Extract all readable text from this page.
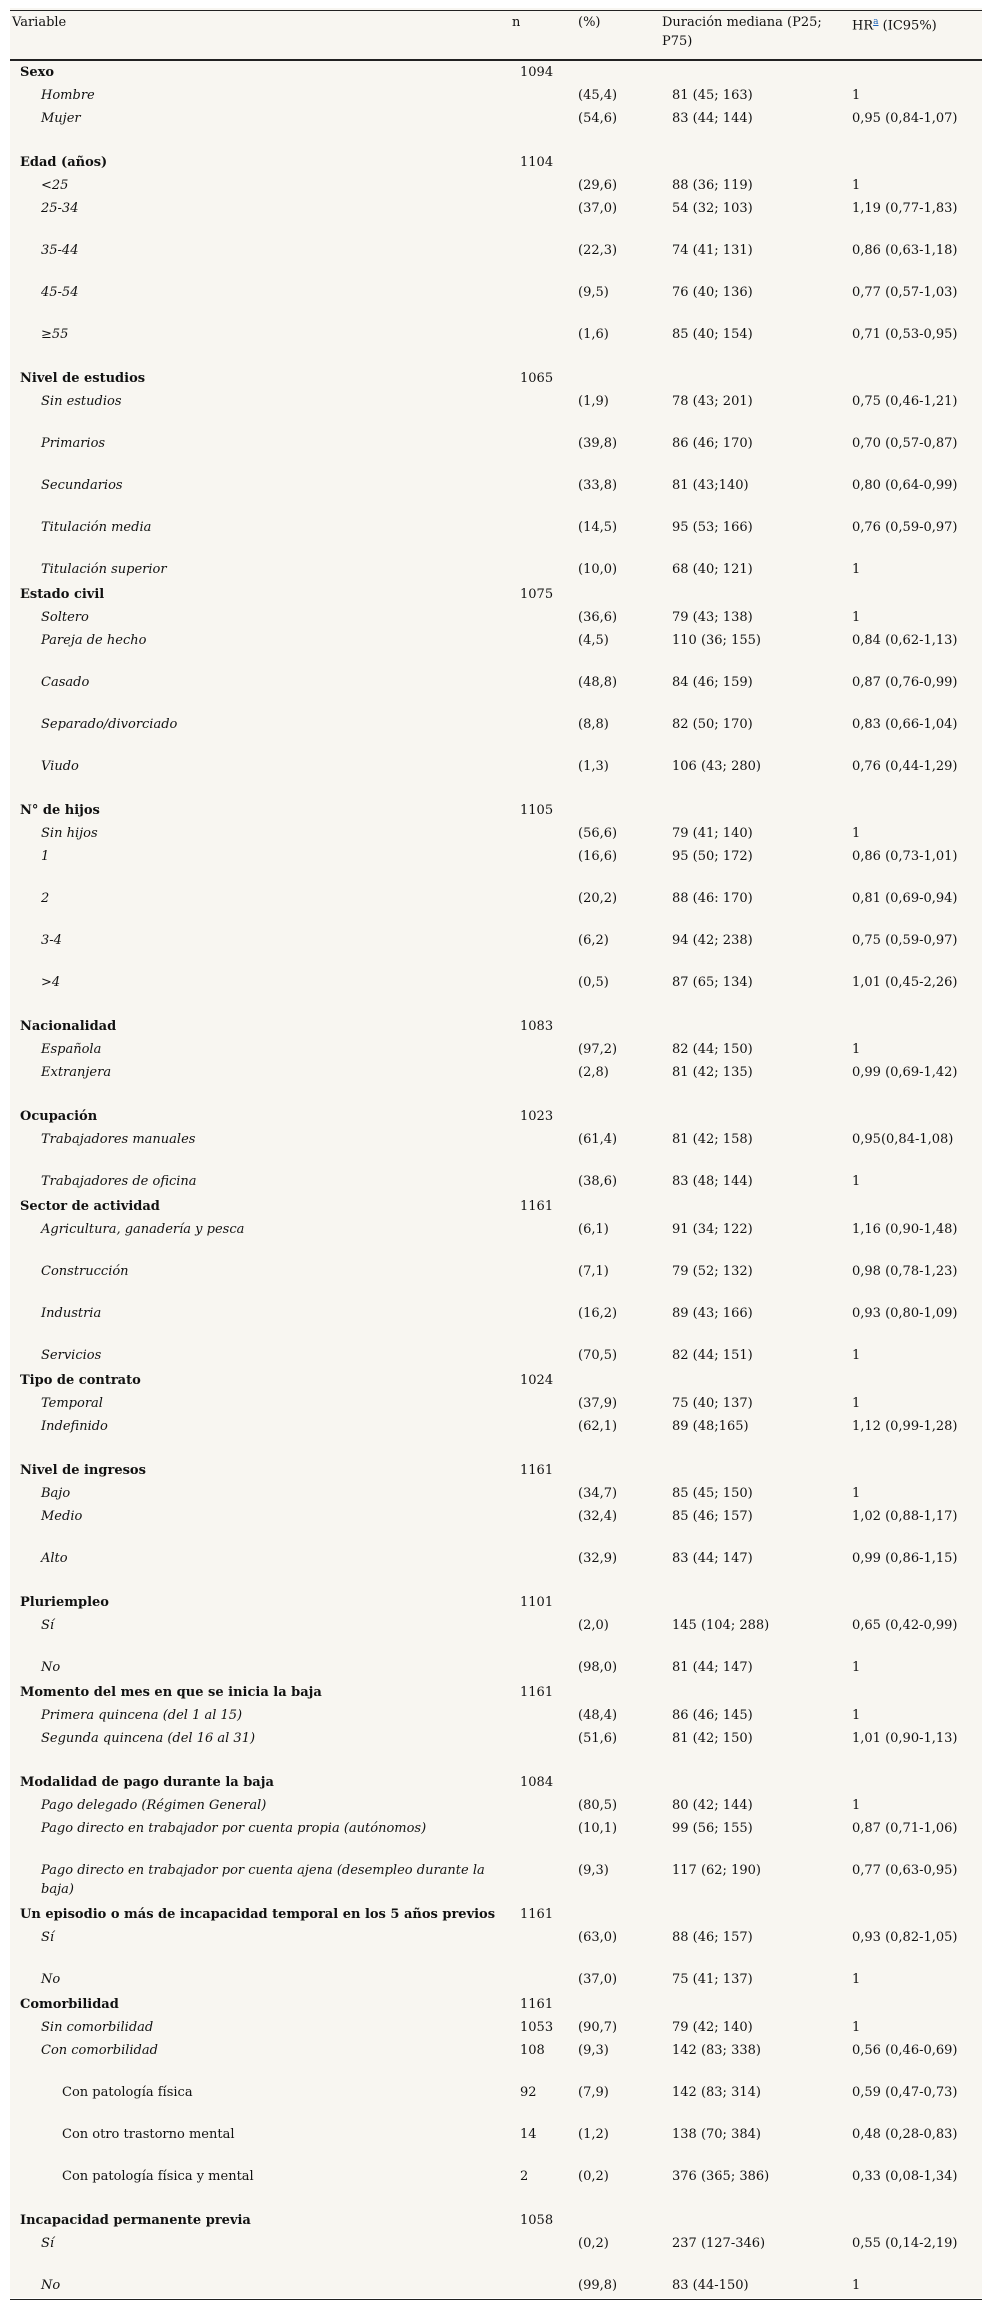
Variable	n	(%)	Duración mediana (P25; P75)	$HR^a$ (IC95%)
Sexo	1094			
Hombre		(45,4)	81 (45; 163)	1
Mujer		(54,6)	83 (44; 144)	0,95 (0,84-1,07)
Edad (años)	1104			
<25		(29,6)	88 (36; 119)	1
25-34		(37,0)	54 (32; 103)	1,19 (0,77-1,83)
35-44		(22,3)	74 (41; 131)	0,86 (0,63-1,18)
45-54		(9,5)	76 (40; 136)	0,77 (0,57-1,03)
≥55		(1,6)	85 (40; 154)	0,71 (0,53-0,95)
Nivel de estudios	1065			
Sin estudios		(1,9)	78 (43; 201)	0,75 (0,46-1,21)
Primarios		(39,8)	86 (46; 170)	0,70 (0,57-0,87)
Secundarios		(33,8)	81 (43;140)	0,80 (0,64-0,99)
Titulación media		(14,5)	95 (53; 166)	0,76 (0,59-0,97)
Titulación superior		(10,0)	68 (40; 121)	1
Estado civil	1075			
Soltero		(36,6)	79 (43; 138)	1
Pareja de hecho		(4,5)	110 (36; 155)	0,84 (0,62-1,13)
Casado		(48,8)	84 (46; 159)	0,87 (0,76-0,99)
Separado/divorciado		(8,8)	82 (50; 170)	0,83 (0,66-1,04)
Viudo		(1,3)	106 (43; 280)	0,76 (0,44-1,29)
N° de hijos	1105			
Sin hijos		(56,6)	79 (41; 140)	1
1		(16,6)	95 (50; 172)	0,86 (0,73-1,01)
2		(20,2)	88 (46: 170)	0,81 (0,69-0,94)
3-4		(6,2)	94 (42; 238)	0,75 (0,59-0,97)
>4		(0,5)	87 (65; 134)	1,01 (0,45-2,26)
Nacionalidad	1083			
Española		(97,2)	82 (44; 150)	1
Extranjera		(2,8)	81 (42; 135)	0,99 (0,69-1,42)
Ocupación	1023			
Trabajadores manuales		(61,4)	81 (42; 158)	0,95(0,84-1,08)
Trabajadores de oficina		(38,6)	83 (48; 144)	1
Sector de actividad	1161			
Agricultura, ganadería y pesca		(6,1)	91 (34; 122)	1,16 (0,90-1,48)
Construcción		(7,1)	79 (52; 132)	0,98 (0,78-1,23)
Industria		(16,2)	89 (43; 166)	0,93 (0,80-1,09)
Servicios		(70,5)	82 (44; 151)	1
Tipo de contrato	1024			
Temporal		(37,9)	75 (40; 137)	1
Indefinido		(62,1)	89 (48;165)	1,12 (0,99-1,28)
Nivel de ingresos	1161			
Bajo		(34,7)	85 (45; 150)	1
Medio		(32,4)	85 (46; 157)	1,02 (0,88-1,17)
Alto		(32,9)	83 (44; 147)	0,99 (0,86-1,15)
Pluriempleo	1101			
Sí		(2,0)	145 (104; 288)	0,65 (0,42-0,99)
No		(98,0)	81 (44; 147)	1
Momento del mes en que se inicia la baja	1161			
Primera quincena (del 1 al 15)		(48,4)	86 (46; 145)	1
Segunda quincena (del 16 al 31)		(51,6)	81 (42; 150)	1,01 (0,90-1,13)
Modalidad de pago durante la baja	1084			
Pago delegado (Régimen General)		(80,5)	80 (42; 144)	1
Pago directo en trabajador por cuenta propia (autónomos)		(10,1)	99 (56; 155)	0,87 (0,71-1,06)
Pago directo en trabajador por cuenta ajena (desempleo durante la baja)		(9,3)	117 (62; 190)	0,77 (0,63-0,95)
Un episodio o más de incapacidad temporal en los 5 años previos	1161			
Sí		(63,0)	88 (46; 157)	0,93 (0,82-1,05)
No		(37,0)	75 (41; 137)	1
Comorbilidad	1161			
Sin comorbilidad	1053	(90,7)	79 (42; 140)	1
Con comorbilidad	108	(9,3)	142 (83; 338)	0,56 (0,46-0,69)
Con patología física	92	(7,9)	142 (83; 314)	0,59 (0,47-0,73)
Con otro trastorno mental	14	(1,2)	138 (70; 384)	0,48 (0,28-0,83)
Con patología física y mental	2	(0,2)	376 (365; 386)	0,33 (0,08-1,34)
Incapacidad permanente previa	1058			
Sí		(0,2)	237 (127-346)	0,55 (0,14-2,19)
No		(99,8)	83 (44-150)	1
